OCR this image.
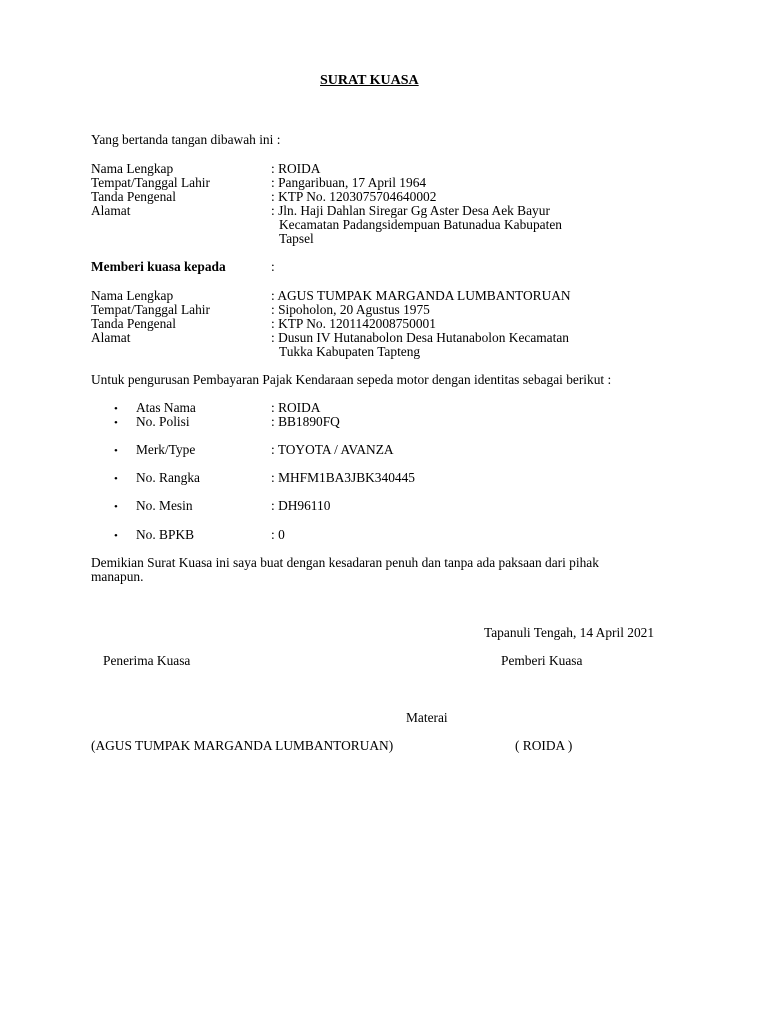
SURAT KUASA
Yang bertanda tangan dibawah ini :
Nama Lengkap	: ROIDA
Tempat/Tanggal Lahir	: Pangaribuan, 17 April 1964
Tanda Pengenal	: KTP No. 1203075704640002
Alamat	: Jln. Haji Dahlan Siregar Gg Aster Desa Aek Bayur
Kecamatan Padangsidempuan Batunadua Kabupaten
Tapsel
Memberi kuasa kepada	:
Nama Lengkap	: AGUS TUMPAK MARGANDA LUMBANTORUAN
Tempat/Tanggal Lahir	: Sipoholon, 20 Agustus 1975
Tanda Pengenal	: KTP No. 1201142008750001
Alamat	: Dusun IV Hutanabolon Desa Hutanabolon Kecamatan
Tukka Kabupaten Tapteng
Untuk pengurusan Pembayaran Pajak Kendaraan sepeda motor dengan identitas sebagai berikut :
• Atas Nama	: ROIDA
• No. Polisi	: BB1890FQ
• Merk/Type	: TOYOTA / AVANZA
• No. Rangka	: MHFM1BA3JBK340445
• No. Mesin	: DH96110
• No. BPKB	: 0
Demikian Surat Kuasa ini saya buat dengan kesadaran penuh dan tanpa ada paksaan dari pihak
manapun.
Tapanuli Tengah, 14 April 2021
Penerima Kuasa	Pemberi Kuasa
Materai
(AGUS TUMPAK MARGANDA LUMBANTORUAN)	( ROIDA )
